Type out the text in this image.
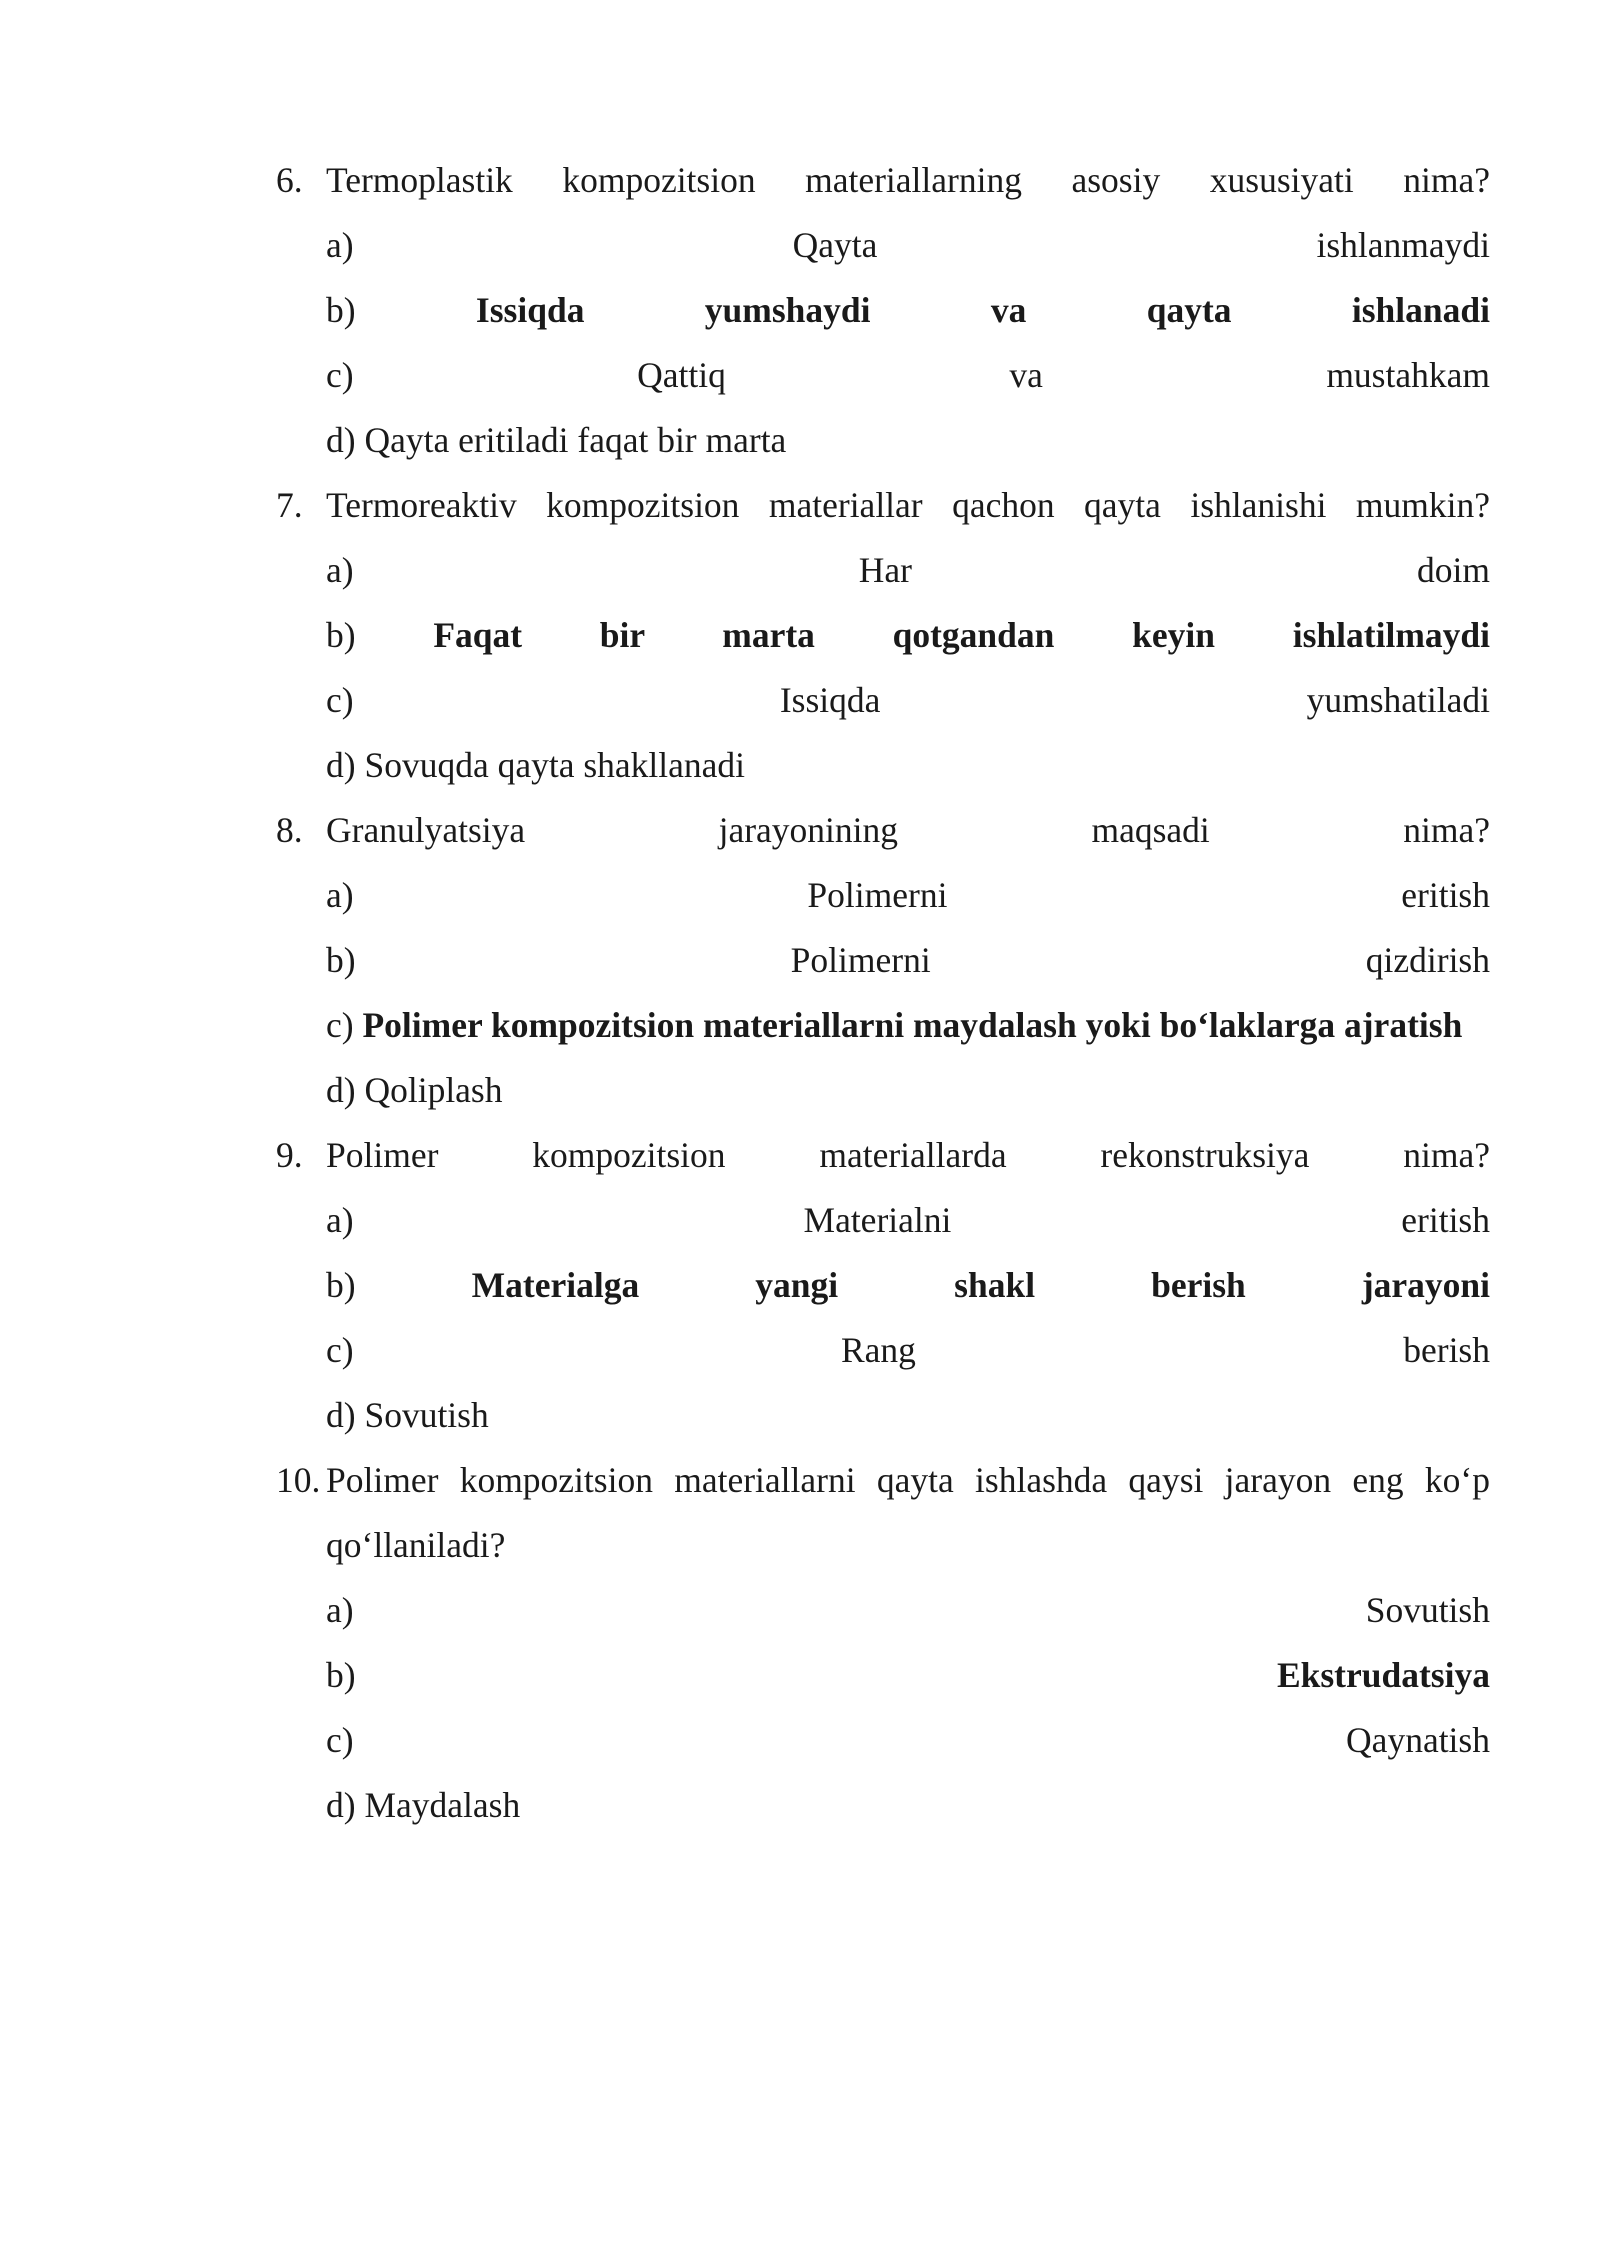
6. Termoplastik kompozitsion materiallarning asosiy xususiyati nima?
a)	Qayta ishlanmaydi
b)	Issiqda yumshaydi va qayta ishlanadi
c)	Qattiq va mustahkam
d) Qayta eritiladi faqat bir marta
7. Termoreaktiv kompozitsion materiallar qachon qayta ishlanishi mumkin?
a)	Har doim
b) Faqat bir marta qotgandan keyin ishlatilmaydi
c)	Issiqda yumshatiladi
d) Sovuqda qayta shakllanadi
8. Granulyatsiya jarayonining maqsadi nima?
a)	Polimerni eritish
b)	Polimerni qizdirish
c) Polimer kompozitsion materiallarni maydalash yoki bo‘laklarga ajratish
d) Qoliplash
9. Polimer kompozitsion materiallarda rekonstruksiya nima?
a)	Materialni eritish
b)	Materialga yangi shakl berish jarayoni
c)	Rang berish
d) Sovutish
10. Polimer kompozitsion materiallarni qayta ishlashda qaysi jarayon eng ko‘p qo‘llaniladi?
a)	Sovutish
b)	Ekstrudatsiya
c)	Qaynatish
d) Maydalash
